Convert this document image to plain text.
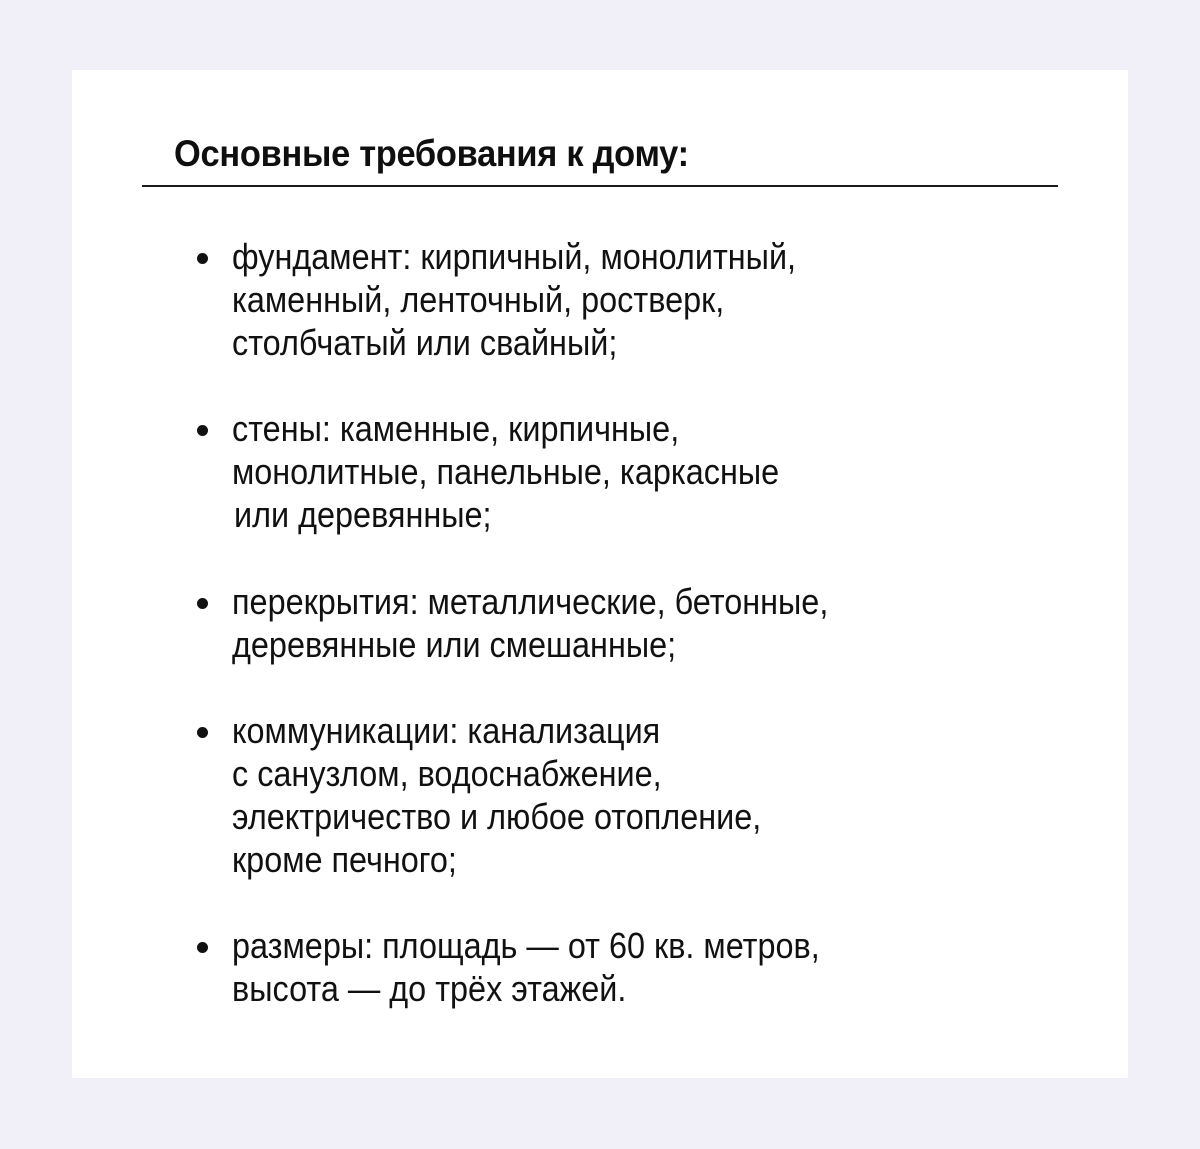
Основные требования к дому:
фундамент: кирпичный, монолитный,
каменный, ленточный, ростверк,
столбчатый или свайный;
стены: каменные, кирпичные,
монолитные, панельные, каркасные
или деревянные;
перекрытия: металлические, бетонные,
деревянные или смешанные;
коммуникации: канализация
с санузлом, водоснабжение,
электричество и любое отопление,
кроме печного;
размеры: площадь — от 60 кв. метров,
высота — до трёх этажей.
